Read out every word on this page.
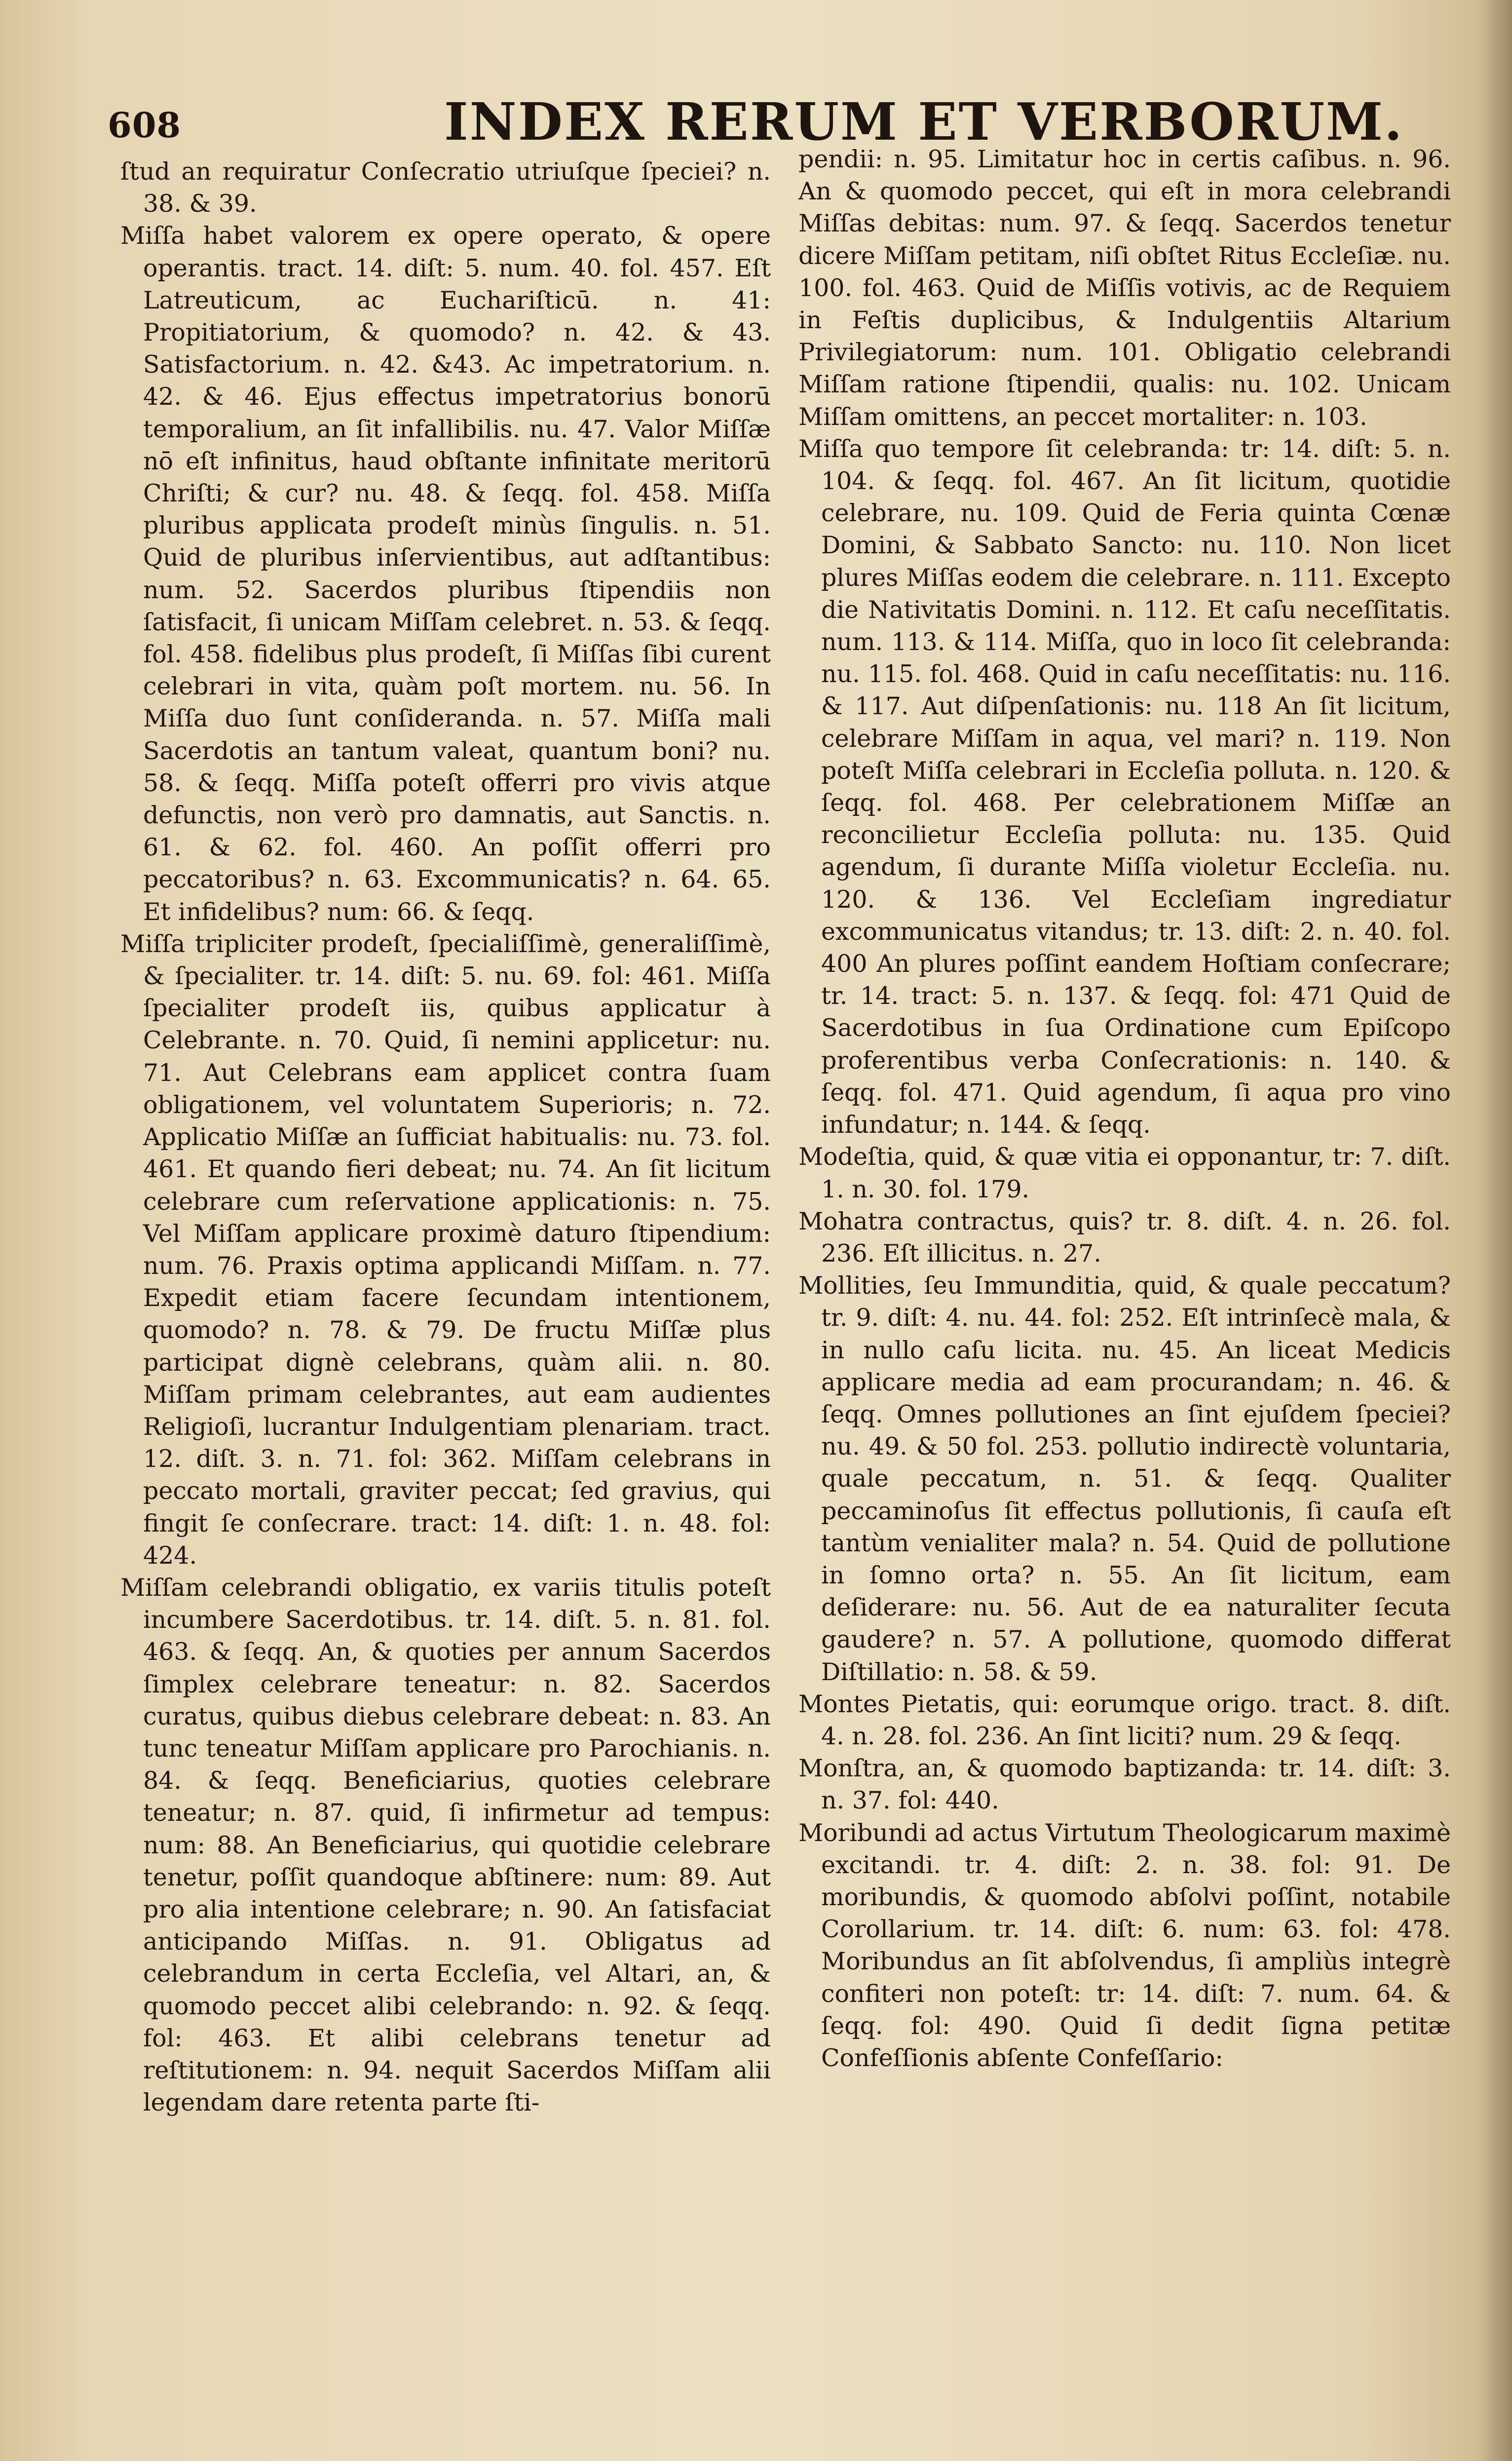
608	INDEX RERUM ET VERBORUM.

ſtud an requiratur Conſecratio utriuſque ſpeciei? n. 38. & 39.

Miſſa habet valorem ex opere operato, & opere operantis. tract. 14. diſt: 5. num. 40. fol. 457. Eſt Latreuticum, ac Euchariſticū. n. 41: Propitiatorium, & quomodo? n. 42. & 43. Satisfactorium. n. 42. &43. Ac impetratorium. n. 42. & 46. Ejus effectus impetratorius bonorū temporalium, an ſit infallibilis. nu. 47. Valor Miſſæ nō eſt infinitus, haud obſtante infinitate meritorū Chriſti; & cur? nu. 48. & ſeqq. fol. 458. Miſſa pluribus applicata prodeſt minùs ſingulis. n. 51. Quid de pluribus inſervientibus, aut adſtantibus: num. 52. Sacerdos pluribus ſtipendiis non ſatisfacit, ſi unicam Miſſam celebret. n. 53. & ſeqq. fol. 458. fidelibus plus prodeſt, ſi Miſſas ſibi curent celebrari in vita, quàm poſt mortem. nu. 56. In Miſſa duo ſunt conſideranda. n. 57. Miſſa mali Sacerdotis an tantum valeat, quantum boni? nu. 58. & ſeqq. Miſſa poteſt offerri pro vivis atque defunctis, non verò pro damnatis, aut Sanctis. n. 61. & 62. fol. 460. An poſſit offerri pro peccatoribus? n. 63. Excommunicatis? n. 64. 65. Et infidelibus? num: 66. & ſeqq.

Miſſa tripliciter prodeſt, ſpecialiſſimè, generaliſſimè, & ſpecialiter. tr. 14. diſt: 5. nu. 69. fol: 461. Miſſa ſpecialiter prodeſt iis, quibus applicatur à Celebrante. n. 70. Quid, ſi nemini applicetur: nu. 71. Aut Celebrans eam applicet contra ſuam obligationem, vel voluntatem Superioris; n. 72. Applicatio Miſſæ an ſufficiat habitualis: nu. 73. fol. 461. Et quando fieri debeat; nu. 74. An ſit licitum celebrare cum reſervatione applicationis: n. 75. Vel Miſſam applicare proximè daturo ſtipendium: num. 76. Praxis optima applicandi Miſſam. n. 77. Expedit etiam facere ſecundam intentionem, quomodo? n. 78. & 79. De fructu Miſſæ plus participat dignè celebrans, quàm alii. n. 80. Miſſam primam celebrantes, aut eam audientes Religioſi, lucrantur Indulgentiam plenariam. tract. 12. diſt. 3. n. 71. fol: 362. Miſſam celebrans in peccato mortali, graviter peccat; ſed gravius, qui fingit ſe conſecrare. tract: 14. diſt: 1. n. 48. fol: 424.

Miſſam celebrandi obligatio, ex variis titulis poteſt incumbere Sacerdotibus. tr. 14. diſt. 5. n. 81. fol. 463. & ſeqq. An, & quoties per annum Sacerdos ſimplex celebrare teneatur: n. 82. Sacerdos curatus, quibus diebus celebrare debeat: n. 83. An tunc teneatur Miſſam applicare pro Parochianis. n. 84. & ſeqq. Beneficiarius, quoties celebrare teneatur; n. 87. quid, ſi infirmetur ad tempus: num: 88. An Beneficiarius, qui quotidie celebrare tenetur, poſſit quandoque abſtinere: num: 89. Aut pro alia intentione celebrare; n. 90. An ſatisfaciat anticipando Miſſas. n. 91. Obligatus ad celebrandum in certa Eccleſia, vel Altari, an, & quomodo peccet alibi celebrando: n. 92. & ſeqq. fol: 463. Et alibi celebrans tenetur ad reſtitutionem: n. 94. nequit Sacerdos Miſſam alii legendam dare retenta parte ſti-

pendii: n. 95. Limitatur hoc in certis caſibus. n. 96. An & quomodo peccet, qui eſt in mora celebrandi Miſſas debitas: num. 97. & ſeqq. Sacerdos tenetur dicere Miſſam petitam, niſi obſtet Ritus Eccleſiæ. nu. 100. fol. 463. Quid de Miſſis votivis, ac de Requiem in Feſtis duplicibus, & Indulgentiis Altarium Privilegiatorum: num. 101. Obligatio celebrandi Miſſam ratione ſtipendii, qualis: nu. 102. Unicam Miſſam omittens, an peccet mortaliter: n. 103.

Miſſa quo tempore ſit celebranda: tr: 14. diſt: 5. n. 104. & ſeqq. fol. 467. An ſit licitum, quotidie celebrare, nu. 109. Quid de Feria quinta Cœnæ Domini, & Sabbato Sancto: nu. 110. Non licet plures Miſſas eodem die celebrare. n. 111. Excepto die Nativitatis Domini. n. 112. Et caſu neceſſitatis. num. 113. & 114. Miſſa, quo in loco ſit celebranda: nu. 115. fol. 468. Quid in caſu neceſſitatis: nu. 116. & 117. Aut diſpenſationis: nu. 118 An ſit licitum, celebrare Miſſam in aqua, vel mari? n. 119. Non poteſt Miſſa celebrari in Eccleſia polluta. n. 120. & ſeqq. fol. 468. Per celebrationem Miſſæ an reconcilietur Eccleſia polluta: nu. 135. Quid agendum, ſi durante Miſſa violetur Eccleſia. nu. 120. & 136. Vel Eccleſiam ingrediatur excommunicatus vitandus; tr. 13. diſt: 2. n. 40. fol. 400 An plures poſſint eandem Hoſtiam conſecrare; tr. 14. tract: 5. n. 137. & ſeqq. fol: 471 Quid de Sacerdotibus in ſua Ordinatione cum Epiſcopo proferentibus verba Conſecrationis: n. 140. & ſeqq. fol. 471. Quid agendum, ſi aqua pro vino infundatur; n. 144. & ſeqq.

Modeſtia, quid, & quæ vitia ei opponantur, tr: 7. diſt. 1. n. 30. fol. 179.

Mohatra contractus, quis? tr. 8. diſt. 4. n. 26. fol. 236. Eſt illicitus. n. 27.

Mollities, ſeu Immunditia, quid, & quale peccatum? tr. 9. diſt: 4. nu. 44. fol: 252. Eſt intrinſecè mala, & in nullo caſu licita. nu. 45. An liceat Medicis applicare media ad eam procurandam; n. 46. & ſeqq. Omnes pollutiones an ſint ejuſdem ſpeciei? nu. 49. & 50 fol. 253. pollutio indirectè voluntaria, quale peccatum, n. 51. & ſeqq. Qualiter peccaminoſus ſit effectus pollutionis, ſi cauſa eſt tantùm venialiter mala? n. 54. Quid de pollutione in ſomno orta? n. 55. An ſit licitum, eam deſiderare: nu. 56. Aut de ea naturaliter ſecuta gaudere? n. 57. A pollutione, quomodo differat Diſtillatio: n. 58. & 59.

Montes Pietatis, qui: eorumque origo. tract. 8. diſt. 4. n. 28. fol. 236. An ſint liciti? num. 29 & ſeqq.

Monſtra, an, & quomodo baptizanda: tr. 14. diſt: 3. n. 37. fol: 440.

Moribundi ad actus Virtutum Theologicarum maximè excitandi. tr. 4. diſt: 2. n. 38. fol: 91. De moribundis, & quomodo abſolvi poſſint, notabile Corollarium. tr. 14. diſt: 6. num: 63. fol: 478. Moribundus an ſit abſolvendus, ſi ampliùs integrè confiteri non poteſt: tr: 14. diſt: 7. num. 64. & ſeqq. fol: 490. Quid ſi dedit ſigna petitæ Confeſſionis abſente Confeſſario:
